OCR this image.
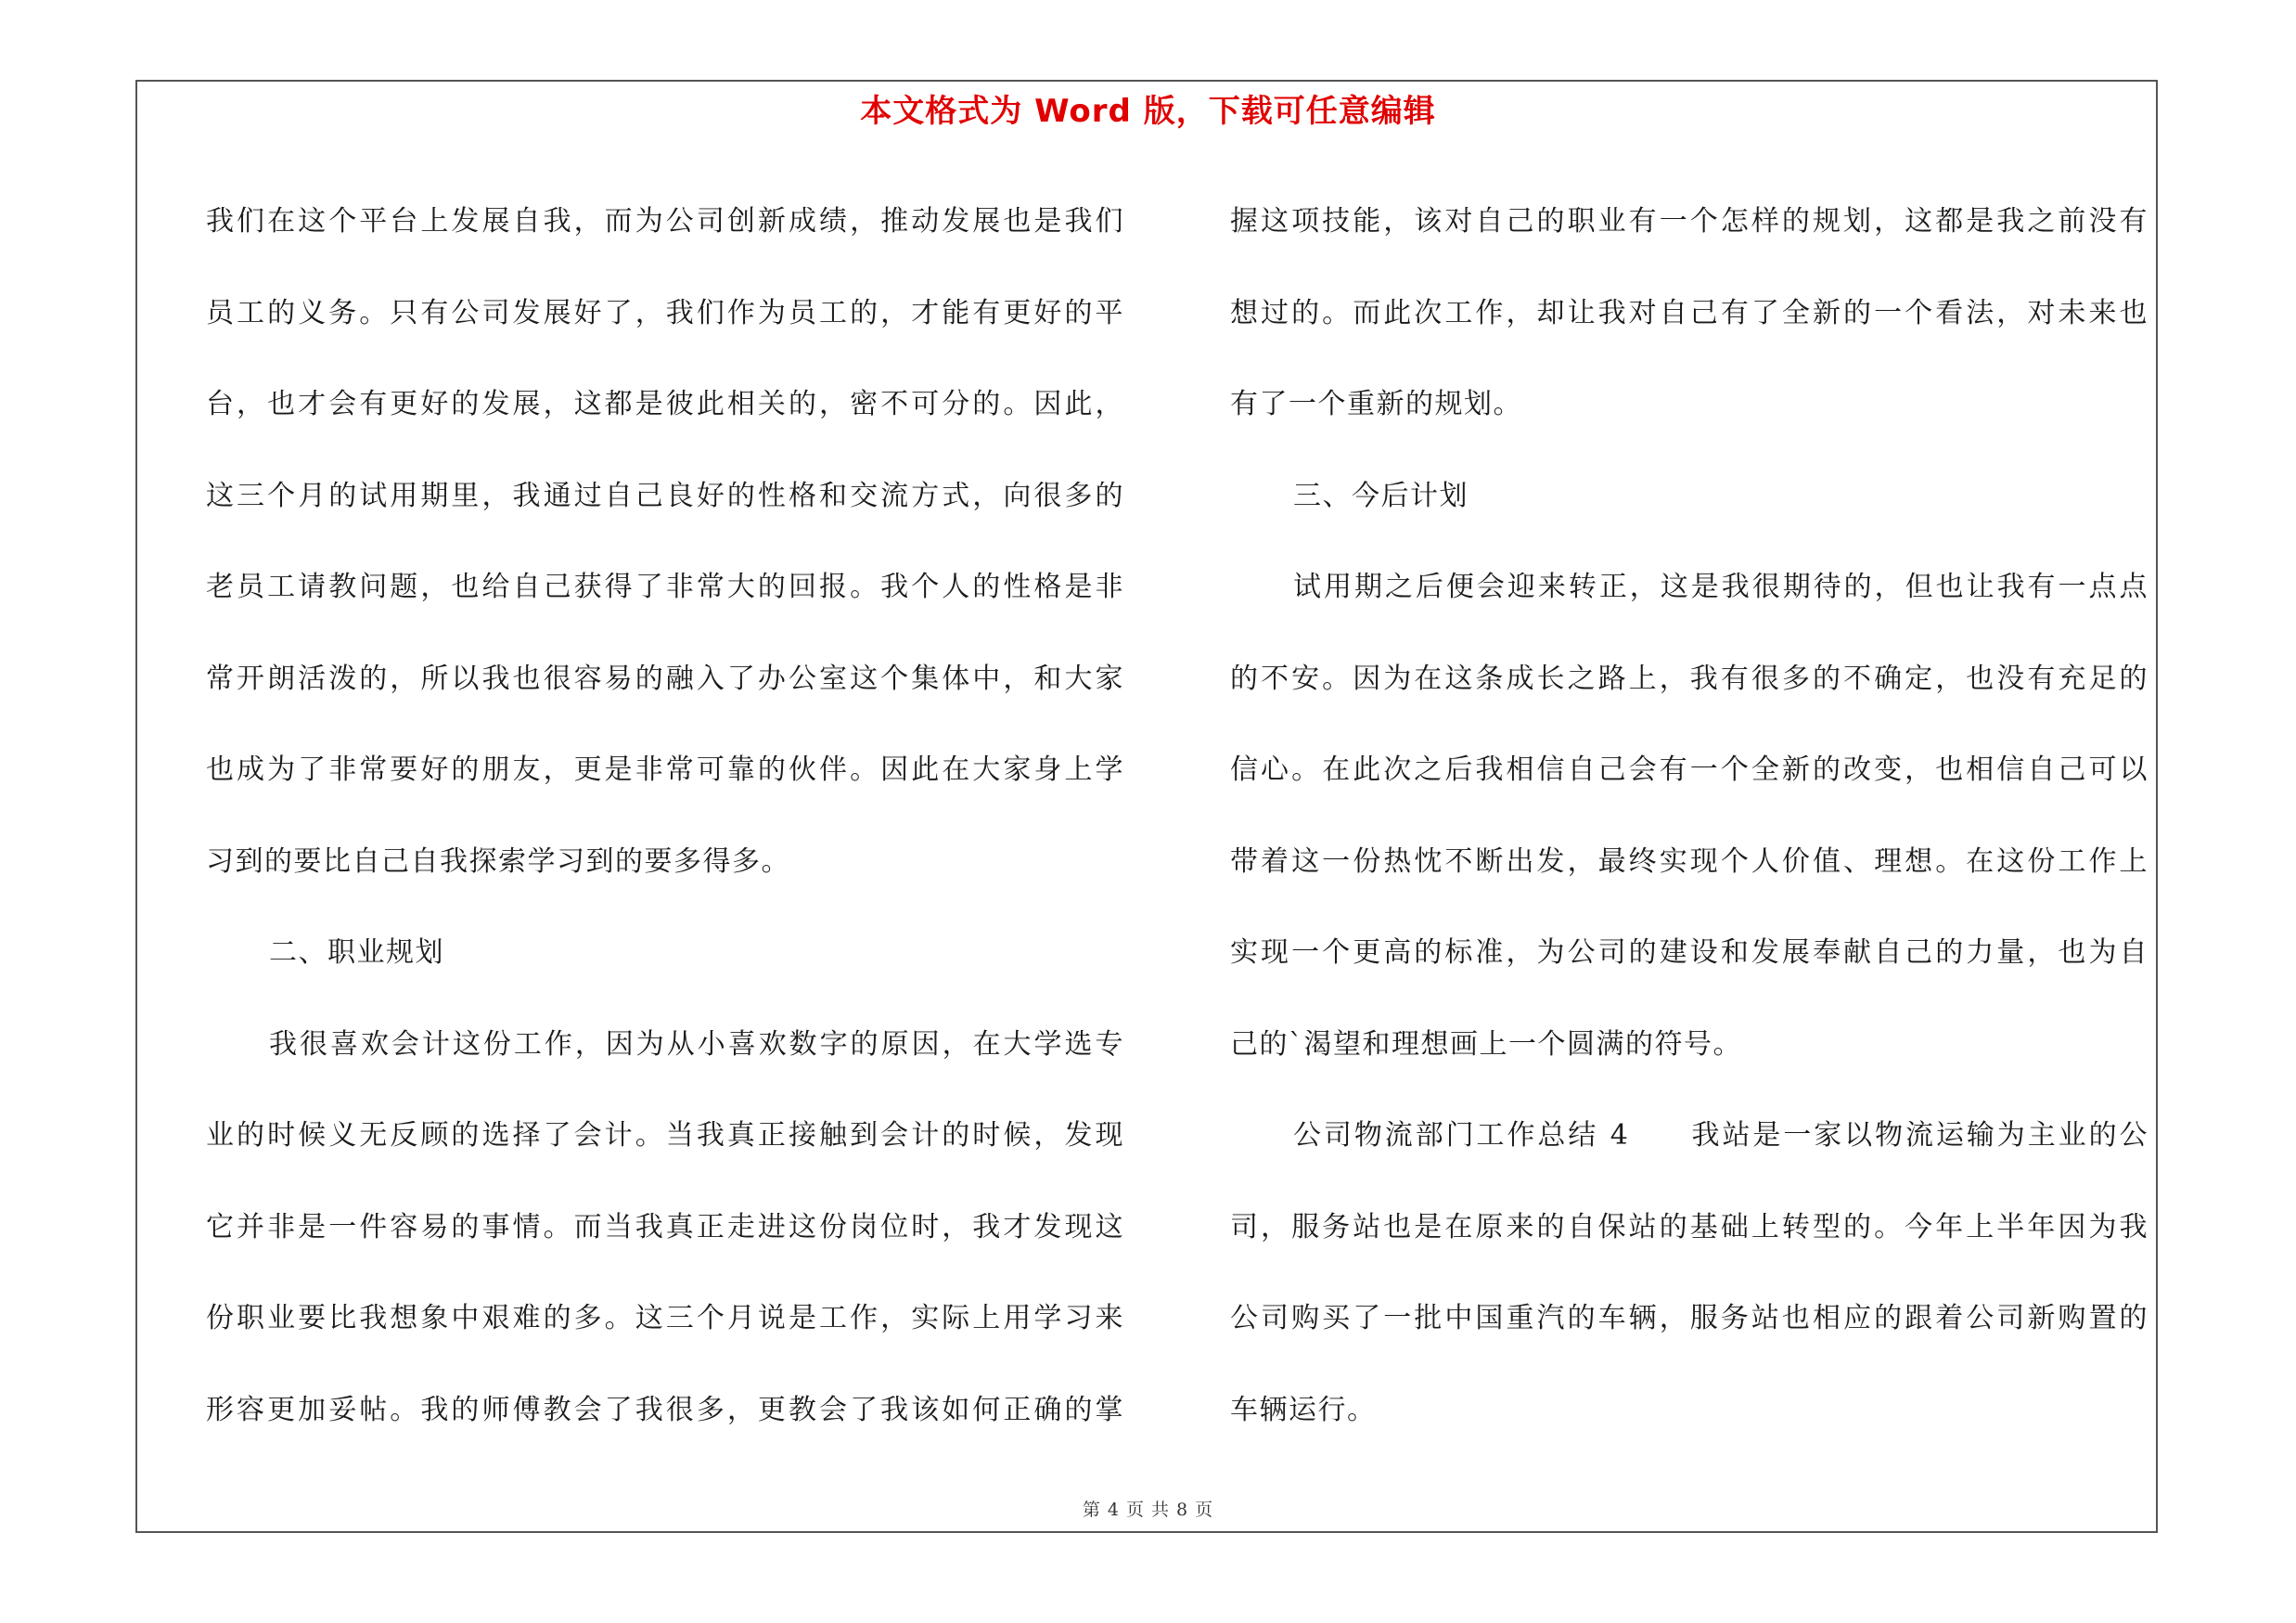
本文格式为 Word 版，下载可任意编辑
我们在这个平台上发展自我，而为公司创新成绩，推动发展也是我们
员工的义务。只有公司发展好了，我们作为员工的，才能有更好的平
台，也才会有更好的发展，这都是彼此相关的，密不可分的。因此，
这三个月的试用期里，我通过自己良好的性格和交流方式，向很多的
老员工请教问题，也给自己获得了非常大的回报。我个人的性格是非
常开朗活泼的，所以我也很容易的融入了办公室这个集体中，和大家
也成为了非常要好的朋友，更是非常可靠的伙伴。因此在大家身上学
习到的要比自己自我探索学习到的要多得多。
二、职业规划
我很喜欢会计这份工作，因为从小喜欢数字的原因，在大学选专
业的时候义无反顾的选择了会计。当我真正接触到会计的时候，发现
它并非是一件容易的事情。而当我真正走进这份岗位时，我才发现这
份职业要比我想象中艰难的多。这三个月说是工作，实际上用学习来
形容更加妥帖。我的师傅教会了我很多，更教会了我该如何正确的掌
握这项技能，该对自己的职业有一个怎样的规划，这都是我之前没有
想过的。而此次工作，却让我对自己有了全新的一个看法，对未来也
有了一个重新的规划。
三、今后计划
试用期之后便会迎来转正，这是我很期待的，但也让我有一点点
的不安。因为在这条成长之路上，我有很多的不确定，也没有充足的
信心。在此次之后我相信自己会有一个全新的改变，也相信自己可以
带着这一份热忱不断出发，最终实现个人价值、理想。在这份工作上
实现一个更高的标准，为公司的建设和发展奉献自己的力量，也为自
己的`渴望和理想画上一个圆满的符号。
公司物流部门工作总结 4　　我站是一家以物流运输为主业的公
司，服务站也是在原来的自保站的基础上转型的。今年上半年因为我
公司购买了一批中国重汽的车辆，服务站也相应的跟着公司新购置的
车辆运行。
第 4 页 共 8 页
